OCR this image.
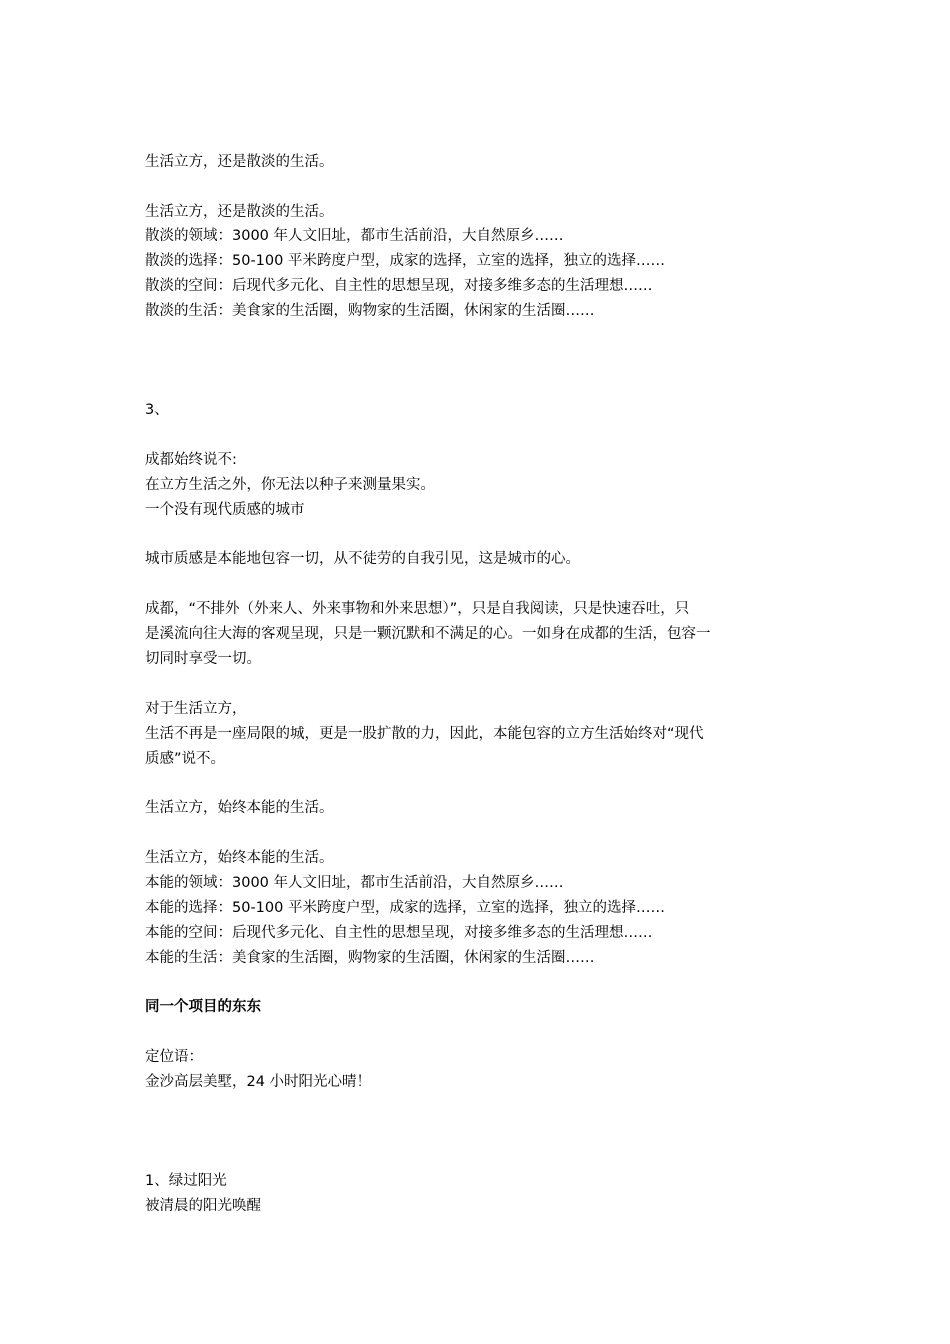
生活立方，还是散淡的生活。
生活立方，还是散淡的生活。
散淡的领域：3000 年人文旧址，都市生活前沿，大自然原乡……
散淡的选择：50-100 平米跨度户型，成家的选择，立室的选择，独立的选择……
散淡的空间：后现代多元化、自主性的思想呈现，对接多维多态的生活理想……
散淡的生活：美食家的生活圈，购物家的生活圈，休闲家的生活圈……
3、
成都始终说不:
在立方生活之外，你无法以种子来测量果实。
一个没有现代质感的城市
城市质感是本能地包容一切，从不徒劳的自我引见，这是城市的心。
成都，“不排外（外来人、外来事物和外来思想）”，只是自我阅读，只是快速吞吐，只
是溪流向往大海的客观呈现，只是一颗沉默和不满足的心。一如身在成都的生活，包容一
切同时享受一切。
对于生活立方，
生活不再是一座局限的城，更是一股扩散的力，因此，本能包容的立方生活始终对“现代
质感”说不。
生活立方，始终本能的生活。
生活立方，始终本能的生活。
本能的领域：3000 年人文旧址，都市生活前沿，大自然原乡……
本能的选择：50-100 平米跨度户型，成家的选择，立室的选择，独立的选择……
本能的空间：后现代多元化、自主性的思想呈现，对接多维多态的生活理想……
本能的生活：美食家的生活圈，购物家的生活圈，休闲家的生活圈……
同一个项目的东东
定位语：
金沙高层美墅，24 小时阳光心晴！
1、绿过阳光
被清晨的阳光唤醒
